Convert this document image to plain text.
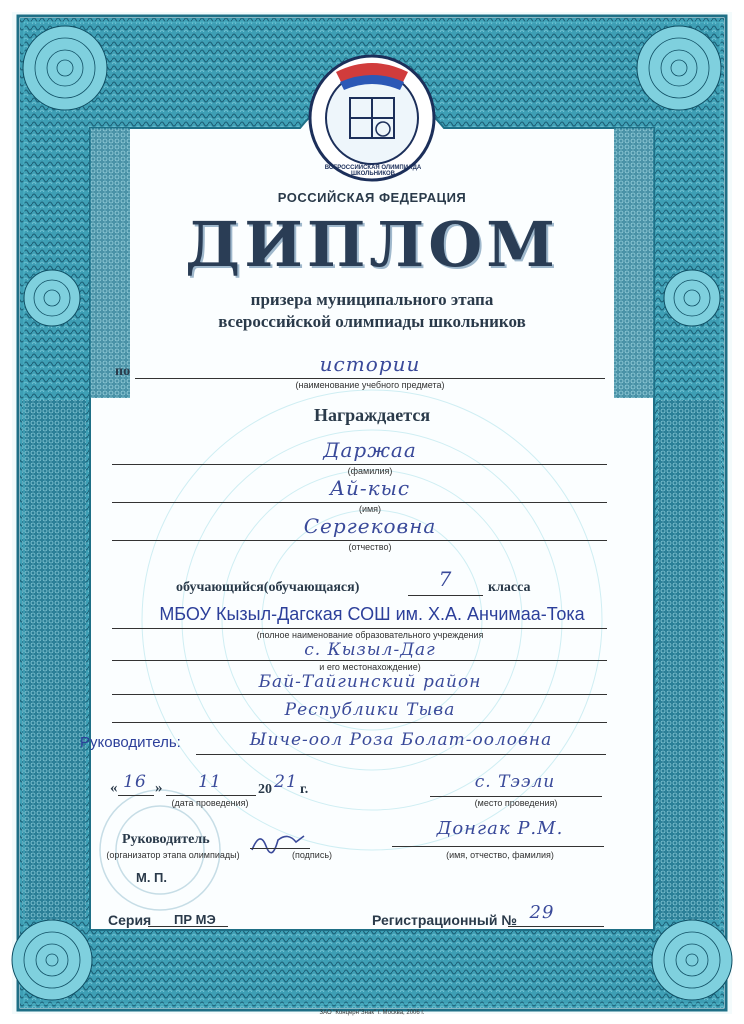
ВСЕРОССИЙСКАЯ ОЛИМПИАДА ШКОЛЬНИКОВ
РОССИЙСКАЯ ФЕДЕРАЦИЯ
ДИПЛОМ
призера муниципального этапа
всероссийской олимпиады школьников
по	истории
(наименование учебного предмета)
Награждается
Даржаа
(фамилия)
Ай-кыс
(имя)
Сергековна
(отчество)
обучающийся(обучающаяся)	7	класса
МБОУ Кызыл-Дагская СОШ им. Х.А. Анчимаа-Тока
(полное наименование образовательного учреждения
с. Кызыл-Даг
и его местонахождение)
Бай-Тайгинский район
Республики Тыва
Руководитель:	Ыичe-оол Роза Болат-ооловна
« 16 »	11	20 21 г.
(дата проведения)
с. Тээли
(место проведения)
Руководитель
(организатор этапа олимпиады)	(подпись)
Донгак Р.М.
(имя, отчество, фамилия)
М. П.
Серия ПР МЭ	Регистрационный № 29
ЗАО "Концерн"Знак" г. Москва, 2006 г.
